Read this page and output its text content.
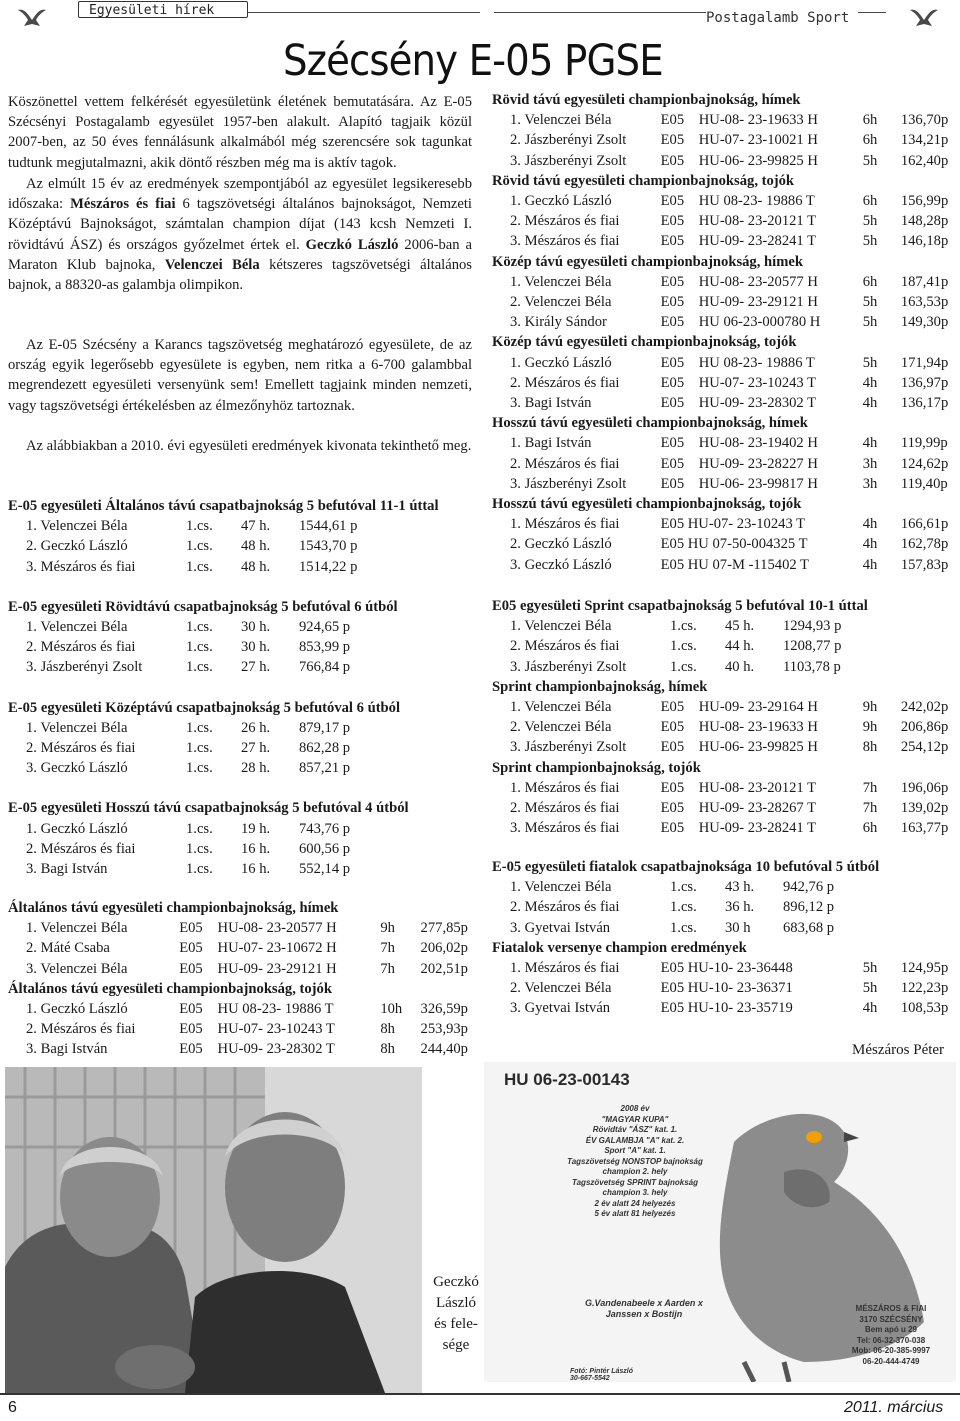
Egyesületi hírek	Postagalamb Sport
Szécsény E-05 PGSE
Köszönettel vettem felkérését egyesületünk életének bemutatására. Az E-05 Szécsényi Postagalamb egyesület 1957-ben alakult. Alapító tagjaik közül 2007-ben, az 50 éves fennálásunk alkalmából még szerencsére sok tagunkat tudtunk megjutalmazni, akik döntő részben még ma is aktív tagok.
Az elmúlt 15 év az eredmények szempontjából az egyesület legsikeresebb időszaka: Mészáros és fiai 6 tagszövetségi általános bajnokságot, Nemzeti Középtávú Bajnokságot, számtalan champion díjat (143 kcsh Nemzeti I. rövidtávú ÁSZ) és országos győzelmet értek el. Geczkó László 2006-ban a Maraton Klub bajnoka, Velenczei Béla kétszeres tagszövetségi általános bajnok, a 88320-as galambja olimpikon.
Az E-05 Szécsény a Karancs tagszövetség meghatározó egyesülete, de az ország egyik legerősebb egyesülete is egyben, nem ritka a 6-700 galambbal megrendezett egyesületi versenyünk sem! Emellett tagjaink minden nemzeti, vagy tagszövetségi értékelésben az élmezőnyhöz tartoznak.
Az alábbiakban a 2010. évi egyesületi eredmények kivonata tekinthető meg.
E-05 egyesületi Általános távú csapatbajnokság 5 befutóval 11-1 úttal
1. Velenczei Béla	1.cs.	47 h.	1544,61 p
2. Geczkó László	1.cs.	48 h.	1543,70 p
3. Mészáros és fiai	1.cs.	48 h.	1514,22 p
E-05 egyesületi Rövidtávú csapatbajnokság 5 befutóval 6 útból
1. Velenczei Béla	1.cs.	30 h.	924,65 p
2. Mészáros és fiai	1.cs.	30 h.	853,99 p
3. Jászberényi Zsolt	1.cs.	27 h.	766,84 p
E-05 egyesületi Középtávú csapatbajnokság 5 befutóval 6 útból
1. Velenczei Béla	1.cs.	26 h.	879,17 p
2. Mészáros és fiai	1.cs.	27 h.	862,28 p
3. Geczkó László	1.cs.	28 h.	857,21 p
E-05 egyesületi Hosszú távú csapatbajnokság 5 befutóval 4 útból
1. Geczkó László	1.cs.	19 h.	743,76 p
2. Mészáros és fiai	1.cs.	16 h.	600,56 p
3. Bagi István	1.cs.	16 h.	552,14 p
Általános távú egyesületi championbajnokság, hímek
1. Velenczei Béla	E05	HU-08- 23-20577 H	9h	277,85p
2. Máté Csaba	E05	HU-07- 23-10672 H	7h	206,02p
3. Velenczei Béla	E05	HU-09- 23-29121 H	7h	202,51p
Általános távú egyesületi championbajnokság, tojók
1. Geczkó László	E05	HU 08-23- 19886 T	10h	326,59p
2. Mészáros és fiai	E05	HU-07- 23-10243 T	8h	253,93p
3. Bagi István	E05	HU-09- 23-28302 T	8h	244,40p
Rövid távú egyesületi championbajnokság, hímek
1. Velenczei Béla	E05	HU-08- 23-19633 H	6h	136,70p
2. Jászberényi Zsolt	E05	HU-07- 23-10021 H	6h	134,21p
3. Jászberényi Zsolt	E05	HU-06- 23-99825 H	5h	162,40p
Rövid távú egyesületi championbajnokság, tojók
1. Geczkó László	E05	HU 08-23- 19886 T	6h	156,99p
2. Mészáros és fiai	E05	HU-08- 23-20121 T	5h	148,28p
3. Mészáros és fiai	E05	HU-09- 23-28241 T	5h	146,18p
Közép távú egyesületi championbajnokság, hímek
1. Velenczei Béla	E05	HU-08- 23-20577 H	6h	187,41p
2. Velenczei Béla	E05	HU-09- 23-29121 H	5h	163,53p
3. Király Sándor	E05	HU 06-23-000780 H	5h	149,30p
Közép távú egyesületi championbajnokság, tojók
1. Geczkó László	E05	HU 08-23- 19886 T	5h	171,94p
2. Mészáros és fiai	E05	HU-07- 23-10243 T	4h	136,97p
3. Bagi István	E05	HU-09- 23-28302 T	4h	136,17p
Hosszú távú egyesületi championbajnokság, hímek
1. Bagi István	E05	HU-08- 23-19402 H	4h	119,99p
2. Mészáros és fiai	E05	HU-09- 23-28227 H	3h	124,62p
3. Jászberényi Zsolt	E05	HU-06- 23-99817 H	3h	119,40p
Hosszú távú egyesületi championbajnokság, tojók
1. Mészáros és fiai	E05 HU-07- 23-10243 T	4h	166,61p
2. Geczkó László	E05 HU 07-50-004325 T	4h	162,78p
3. Geczkó László	E05 HU 07-M -115402 T	4h	157,83p
E05 egyesületi Sprint csapatbajnokság 5 befutóval 10-1 úttal
1. Velenczei Béla	1.cs.	45 h.	1294,93 p
2. Mészáros és fiai	1.cs.	44 h.	1208,77 p
3. Jászberényi Zsolt	1.cs.	40 h.	1103,78 p
Sprint championbajnokság, hímek
1. Velenczei Béla	E05	HU-09- 23-29164 H	9h	242,02p
2. Velenczei Béla	E05	HU-08- 23-19633 H	9h	206,86p
3. Jászberényi Zsolt	E05	HU-06- 23-99825 H	8h	254,12p
Sprint championbajnokság, tojók
1. Mészáros és fiai	E05	HU-08- 23-20121 T	7h	196,06p
2. Mészáros és fiai	E05	HU-09- 23-28267 T	7h	139,02p
3. Mészáros és fiai	E05	HU-09- 23-28241 T	6h	163,77p
E-05 egyesületi fiatalok csapatbajnoksága 10 befutóval 5 útból
1. Velenczei Béla	1.cs.	43 h.	942,76 p
2. Mészáros és fiai	1.cs.	36 h.	896,12 p
3. Gyetvai István	1.cs.	30 h	683,68 p
Fiatalok versenye champion eredmények
1. Mészáros és fiai	E05 HU-10- 23-36448	5h	124,95p
2. Velenczei Béla	E05 HU-10- 23-36371	5h	122,23p
3. Gyetvai István	E05 HU-10- 23-35719	4h	108,53p
Mészáros Péter
Geczkó
László
és fele-
sége
HU 06-23-00143
2008 év
"MAGYAR KUPA"
Rövidtáv "ÁSZ" kat. 1.
ÉV GALAMBJA "A" kat. 2.
Sport "A" kat. 1.
Tagszövetség NONSTOP bajnokság
champion 2. hely
Tagszövetség SPRINT bajnokság
champion 3. hely
2 év alatt 24 helyezés
5 év alatt 81 helyezés
G.Vandenabeele x Aarden x
Janssen x Bostijn
Fotó: Pintér László
30-667-5542
MÉSZÁROS & FIAI
3170 SZÉCSÉNY
Bem apó u 29
Tel: 06-32-370-038
Mob: 06-20-385-9997
06-20-444-4749
6	2011. március
